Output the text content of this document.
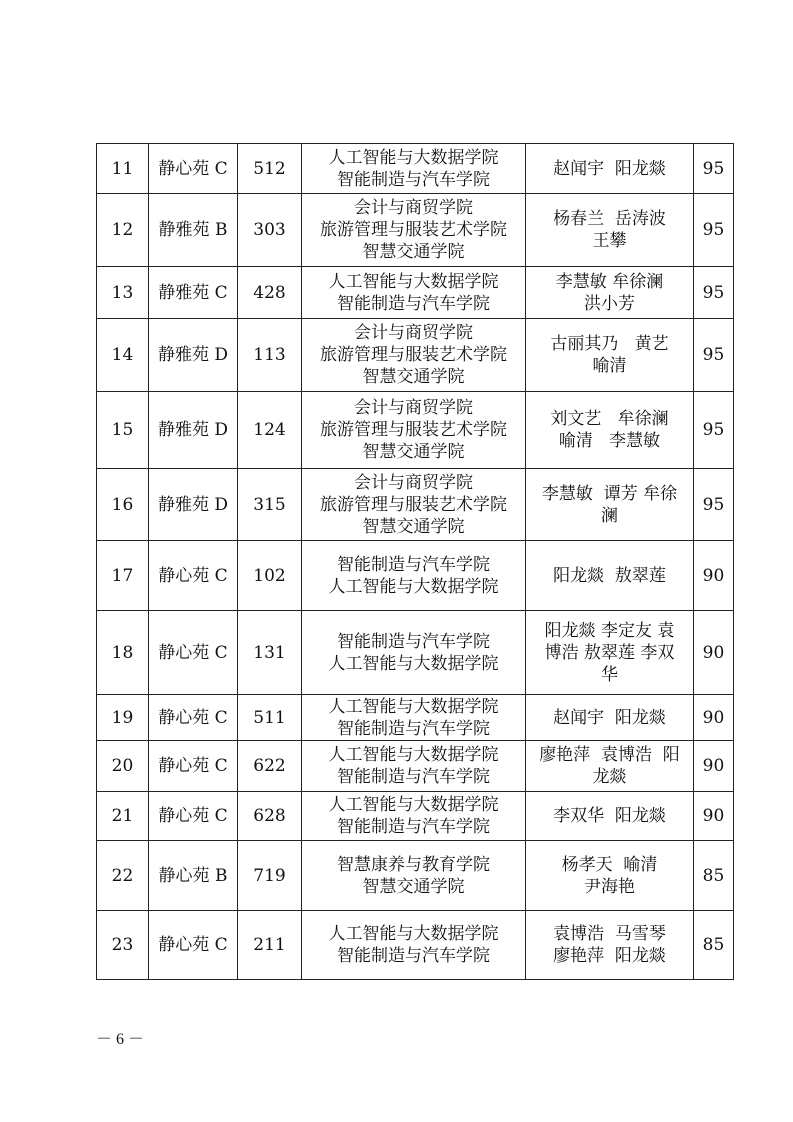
11	静心苑 C	512	人工智能与大数据学院
智能制造与汽车学院	赵闻宇  阳龙燚	95
12	静雅苑 B	303	会计与商贸学院
旅游管理与服装艺术学院
智慧交通学院	杨春兰  岳涛波
王攀	95
13	静雅苑 C	428	人工智能与大数据学院
智能制造与汽车学院	李慧敏 牟徐澜
洪小芳	95
14	静雅苑 D	113	会计与商贸学院
旅游管理与服装艺术学院
智慧交通学院	古丽其乃   黄艺
喻清	95
15	静雅苑 D	124	会计与商贸学院
旅游管理与服装艺术学院
智慧交通学院	刘文艺   牟徐澜
喻清   李慧敏	95
16	静雅苑 D	315	会计与商贸学院
旅游管理与服装艺术学院
智慧交通学院	李慧敏  谭芳 牟徐
澜	95
17	静心苑 C	102	智能制造与汽车学院
人工智能与大数据学院	阳龙燚  敖翠莲	90
18	静心苑 C	131	智能制造与汽车学院
人工智能与大数据学院	阳龙燚 李定友 袁
博浩 敖翠莲 李双
华	90
19	静心苑 C	511	人工智能与大数据学院
智能制造与汽车学院	赵闻宇  阳龙燚	90
20	静心苑 C	622	人工智能与大数据学院
智能制造与汽车学院	廖艳萍  袁博浩  阳
龙燚	90
21	静心苑 C	628	人工智能与大数据学院
智能制造与汽车学院	李双华  阳龙燚	90
22	静心苑 B	719	智慧康养与教育学院
智慧交通学院	杨孝天  喻清
尹海艳	85
23	静心苑 C	211	人工智能与大数据学院
智能制造与汽车学院	袁博浩  马雪琴
廖艳萍  阳龙燚	85
－ 6 －
